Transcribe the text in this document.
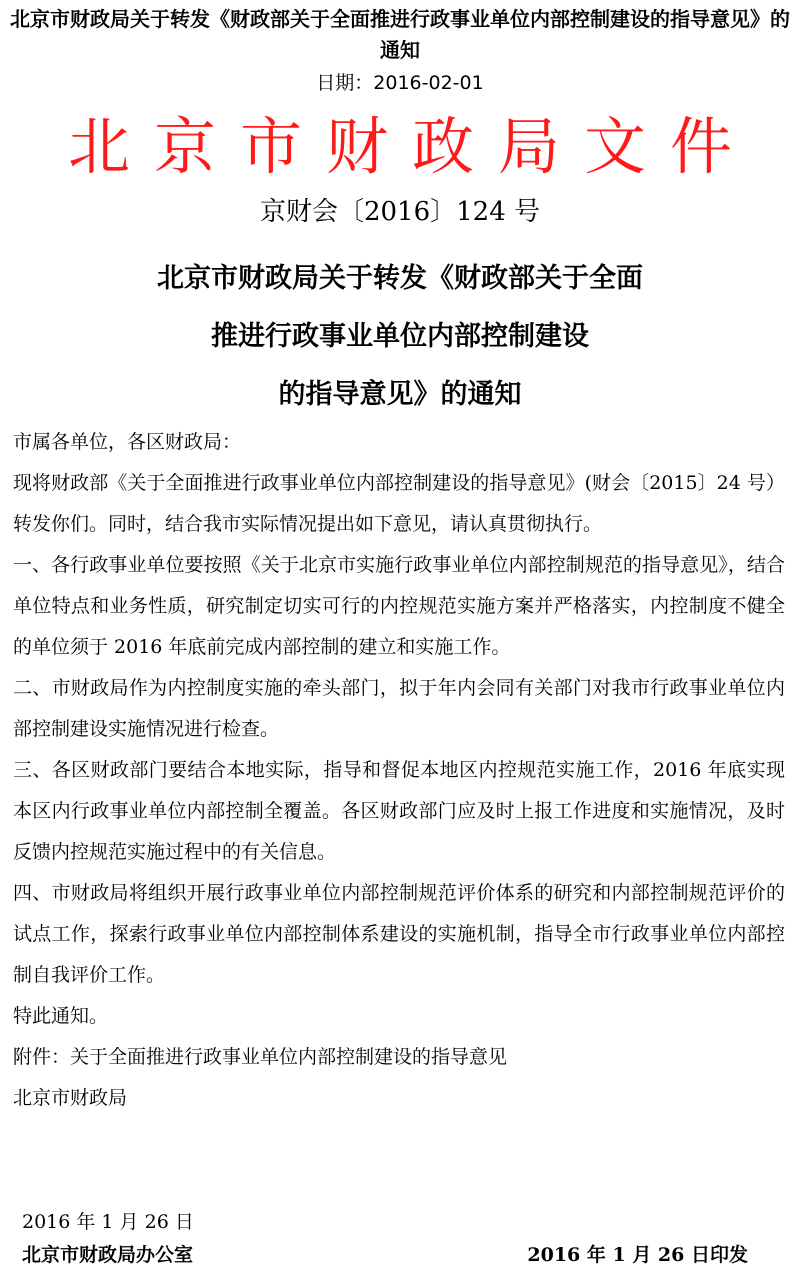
北京市财政局关于转发《财政部关于全面推进行政事业单位内部控制建设的指导意见》的通知
日期：2016-02-01
北京市财政局文件
京财会〔2016〕124 号
北京市财政局关于转发《财政部关于全面
推进行政事业单位内部控制建设
的指导意见》的通知

市属各单位，各区财政局：

现将财政部《关于全面推进行政事业单位内部控制建设的指导意见》(财会〔2015〕24 号）转发你们。同时，结合我市实际情况提出如下意见，请认真贯彻执行。

一、各行政事业单位要按照《关于北京市实施行政事业单位内部控制规范的指导意见》，结合单位特点和业务性质，研究制定切实可行的内控规范实施方案并严格落实，内控制度不健全的单位须于 2016 年底前完成内部控制的建立和实施工作。

二、市财政局作为内控制度实施的牵头部门，拟于年内会同有关部门对我市行政事业单位内部控制建设实施情况进行检查。

三、各区财政部门要结合本地实际，指导和督促本地区内控规范实施工作，2016 年底实现本区内行政事业单位内部控制全覆盖。各区财政部门应及时上报工作进度和实施情况，及时反馈内控规范实施过程中的有关信息。

四、市财政局将组织开展行政事业单位内部控制规范评价体系的研究和内部控制规范评价的试点工作，探索行政事业单位内部控制体系建设的实施机制，指导全市行政事业单位内部控制自我评价工作。

特此通知。

附件：关于全面推进行政事业单位内部控制建设的指导意见

北京市财政局

2016 年 1 月 26 日
北京市财政局办公室	2016 年 1 月 26 日印发
